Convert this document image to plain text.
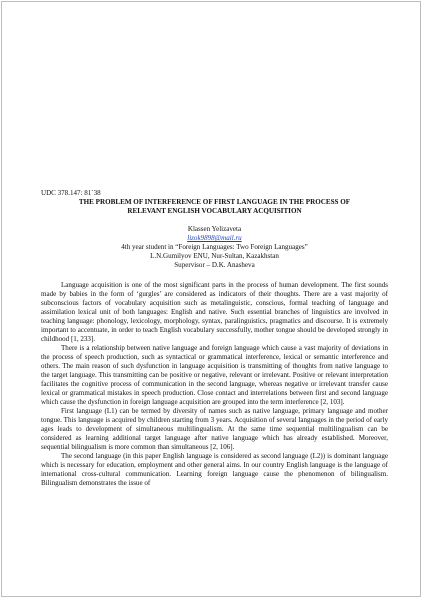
UDC 378.147: 81`38

THE PROBLEM OF INTERFERENCE OF FIRST LANGUAGE IN THE PROCESS OF
RELEVANT ENGLISH VOCABULARY ACQUISITION

Klassen Yelizaveta
lizok9898@mail.ru
4th year student in “Foreign Languages: Two Foreign Languages”
L.N.Gumilyov ENU, Nur-Sultan, Kazakhstan
Supervisor – D.K. Anasheva

Language acquisition is one of the most significant parts in the process of human development. The first sounds made by babies in the form of ‘gurgles’ are considered as indicators of their thoughts. There are a vast majority of subconscious factors of vocabulary acquisition such as metalinguistic, conscious, formal teaching of language and assimilation lexical unit of both languages: English and native. Such essential branches of linguistics are involved in teaching language: phonology, lexicology, morphology, syntax, paralinguistics, pragmatics and discourse. It is extremely important to accentuate, in order to teach English vocabulary successfully, mother tongue should be developed strongly in childhood [1, 233].

There is a relationship between native language and foreign language which cause a vast majority of deviations in the process of speech production, such as syntactical or grammatical interference, lexical or semantic interference and others. The main reason of such dysfunction in language acquisition is transmitting of thoughts from native language to the target language. This transmitting can be positive or negative, relevant or irrelevant. Positive or relevant interpretation facilitates the cognitive process of communication in the second language, whereas negative or irrelevant transfer cause lexical or grammatical mistakes in speech production. Close contact and interrelations between first and second language which cause the dysfunction in foreign language acquisition are grouped into the term interference [2, 103].

First language (L1) can be termed by diversity of names such as native language, primary language and mother tongue. This language is acquired by children starting from 3 years. Acquisition of several languages in the period of early ages leads to development of simultaneous multilingualism. At the same time sequential multilingualism can be considered as learning additional target language after native language which has already established. Moreover, sequential bilingualism is more common than simultaneous [2, 106].

The second language (in this paper English language is considered as second language (L2)) is dominant language which is necessary for education, employment and other general aims. In our country English language is the language of international cross-cultural communication. Learning foreign language cause the phenomenon of bilingualism. Bilingualism demonstrates the issue of
